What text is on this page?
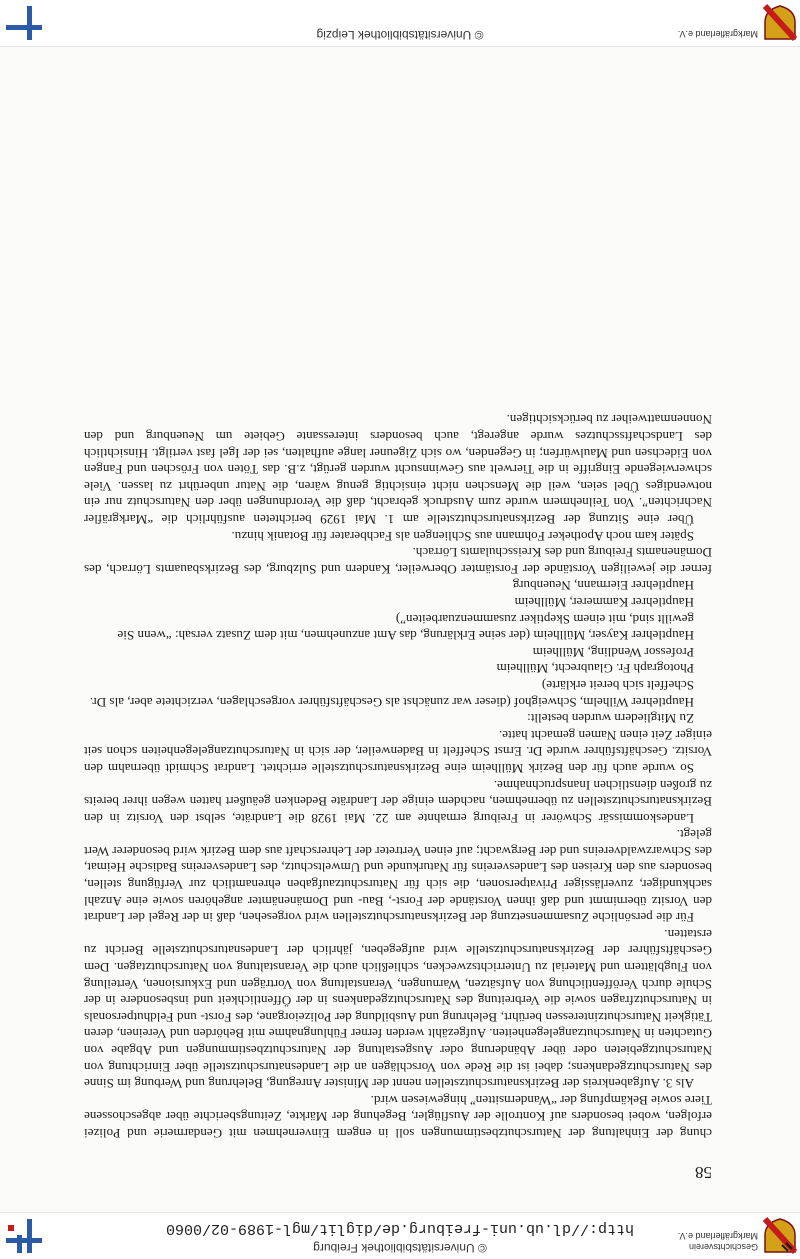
Geschichtsverein
Markgräflerland e.V.
© Universitätsbibliothek Freiburg
http://dl.ub.uni-freiburg.de/diglit/mgl-1989-02/0060
58

chung der Einhaltung der Naturschutzbestimmungen soll in engem Einvernehmen mit Gendarmerie und Polizei erfolgen, wobei besonders auf Kontrolle der Ausflügler, Begehung der Märkte, Zeitungsberichte über abgeschossene Tiere sowie Bekämpfung der “Wandernsitten” hingewiesen wird.

Als 3. Aufgabenkreis der Bezirksnaturschutzstellen nennt der Minister Anregung, Belehrung und Werbung im Sinne des Naturschutzgedankens; dabei ist die Rede von Vorschlägen an die Landesnaturschutzstelle über Einrichtung von Naturschutzgebieten oder über Abänderung oder Ausgestaltung der Naturschutzbestimmungen und Abgabe von Gutachten in Naturschutzangelegenheiten. Aufgezählt werden ferner Fühlungnahme mit Behörden und Vereinen, deren Tätigkeit Naturschutzinteressen berührt, Belehrung und Ausbildung der Polizeiorgane, des Forst- und Feldhutpersonals in Naturschutzfragen sowie die Verbreitung des Naturschutzgedankens in der Öffentlichkeit und insbesondere in der Schule durch Veröffentlichung von Aufsätzen, Warnungen, Veranstaltung von Vorträgen und Exkursionen, Verteilung von Flugblättern und Material zu Unterrichtszwecken, schließlich auch die Veranstaltung von Naturschutztagen. Dem Geschäftsführer der Bezirksnaturschutzstelle wird aufgegeben, jährlich der Landesnaturschutzstelle Bericht zu erstatten.

Für die persönliche Zusammensetzung der Bezirksnaturschutzstellen wird vorgesehen, daß in der Regel der Landrat den Vorsitz übernimmt und daß ihnen Vorstände der Forst-, Bau- und Domänenämter angehören sowie eine Anzahl sachkundiger, zuverlässiger Privatpersonen, die sich für Naturschutzaufgaben ehrenamtlich zur Verfügung stellen, besonders aus den Kreisen des Landesvereins für Naturkunde und Umweltschutz, des Landesvereins Badische Heimat, des Schwarzwaldvereins und der Bergwacht; auf einen Vertreter der Lehrerschaft aus dem Bezirk wird besonderer Wert gelegt.

Landeskommissär Schwörer in Freiburg ermahnte am 22. Mai 1928 die Landräte, selbst den Vorsitz in den Bezirksnaturschutzstellen zu übernehmen, nachdem einige der Landräte Bedenken geäußert hatten wegen ihrer bereits zu großen dienstlichen Inanspruchnahme.

So wurde auch für den Bezirk Müllheim eine Bezirksnaturschutzstelle errichtet. Landrat Schmidt übernahm den Vorsitz. Geschäftsführer wurde Dr. Ernst Scheffelt in Badenweiler, der sich in Naturschutzangelegenheiten schon seit einiger Zeit einen Namen gemacht hatte.

Zu Mitgliedern wurden bestellt:

Hauptlehrer Wilhelm, Schweighof (dieser war zunächst als Geschäftsführer vorgeschlagen, verzichtete aber, als Dr. Scheffelt sich bereit erklärte)
Photograph Fr. Glaubrecht, Müllheim
Professor Wendling, Müllheim
Hauptlehrer Kayser, Müllheim (der seine Erklärung, das Amt anzunehmen, mit dem Zusatz versah: “wenn Sie gewillt sind, mit einem Skeptiker zusammenzuarbeiten”)
Hauptlehrer Kammerer, Müllheim
Hauptlehrer Eiermann, Neuenburg

ferner die jeweiligen Vorstände der Forstämter Oberweiler, Kandern und Sulzburg, des Bezirksbauamts Lörrach, des Domänenamts Freiburg und des Kreisschulamts Lörrach.

Später kam noch Apotheker Fohmann aus Schliengen als Fachberater für Botanik hinzu.

Über eine Sitzung der Bezirksnaturschutzstelle am 1. Mai 1929 berichteten ausführlich die “Markgräfler Nachrichten”. Von Teilnehmern wurde zum Ausdruck gebracht, daß die Verordnungen über den Naturschutz nur ein notwendiges Übel seien, weil die Menschen nicht einsichtig genug wären, die Natur unberührt zu lassen. Viele schwerwiegende Eingriffe in die Tierwelt aus Gewinnsucht wurden gerügt, z.B. das Töten von Fröschen und Fangen von Eidechsen und Maulwürfen; in Gegenden, wo sich Zigeuner lange aufhalten, sei der Igel fast vertilgt. Hinsichtlich des Landschaftsschutzes wurde angeregt, auch besonders interessante Gebiete um Neuenburg und den Nonnenmattweiher zu berücksichtigen.

Markgräflerland e.V.
© Universitätsbibliothek Leipzig
